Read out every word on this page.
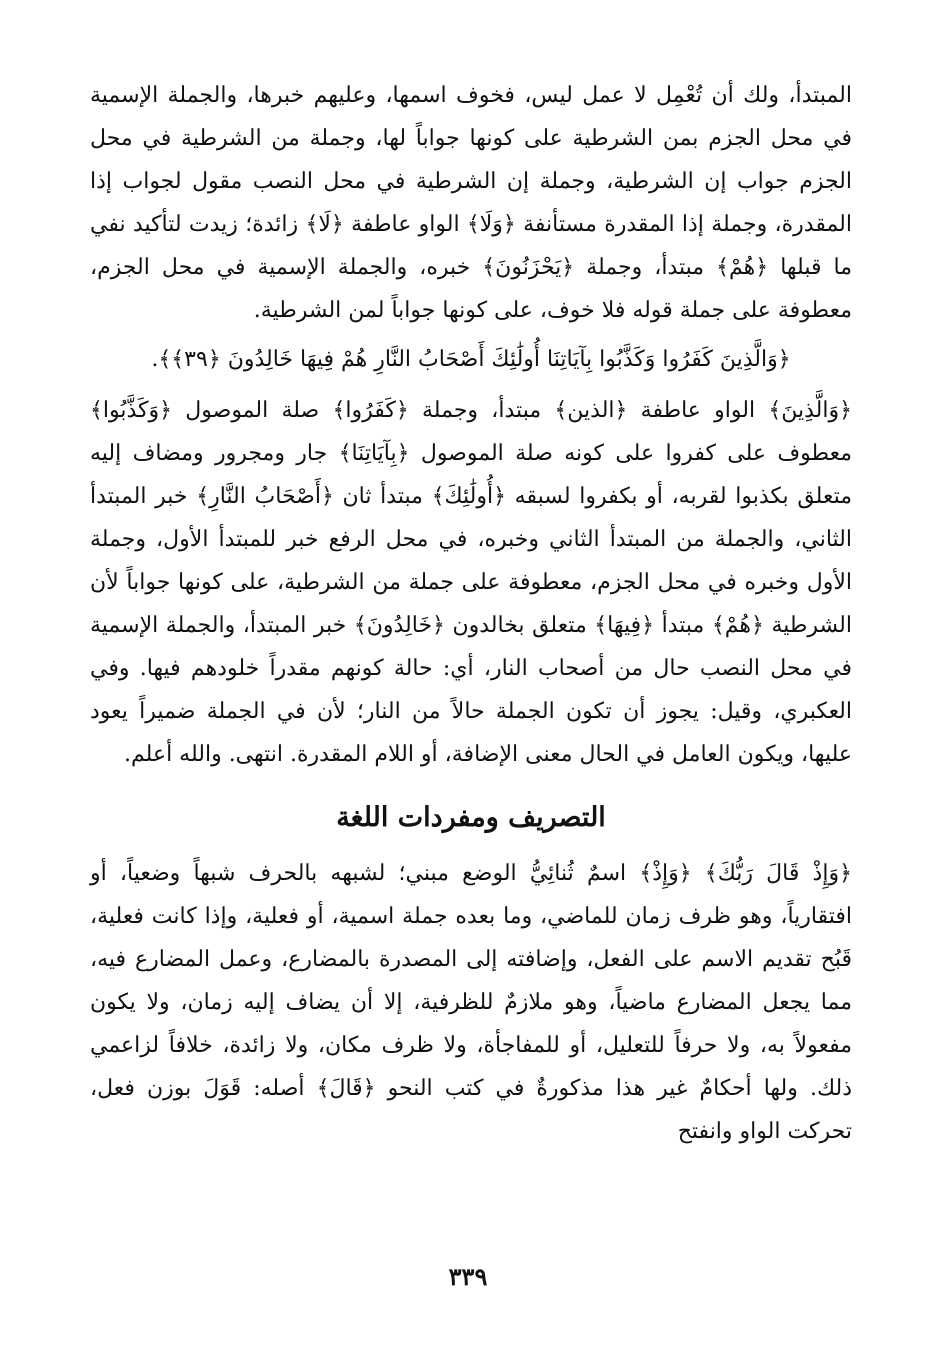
المبتدأ، ولك أن تُعْمِل لا عمل ليس، فخوف اسمها، وعليهم خبرها، والجملة الإسمية في محل الجزم بمن الشرطية على كونها جواباً لها، وجملة من الشرطية في محل الجزم جواب إن الشرطية، وجملة إن الشرطية في محل النصب مقول لجواب إذا المقدرة، وجملة إذا المقدرة مستأنفة ﴿وَلَا﴾ الواو عاطفة ﴿لَا﴾ زائدة؛ زيدت لتأكيد نفي ما قبلها ﴿هُمْ﴾ مبتدأ، وجملة ﴿يَحْزَنُونَ﴾ خبره، والجملة الإسمية في محل الجزم، معطوفة على جملة قوله فلا خوف، على كونها جواباً لمن الشرطية.

﴿وَالَّذِينَ كَفَرُوا وَكَذَّبُوا بِآيَاتِنَا أُولَٰئِكَ أَصْحَابُ النَّارِ هُمْ فِيهَا خَالِدُونَ ﴿٣٩﴾﴾.

﴿وَالَّذِينَ﴾ الواو عاطفة ﴿الذين﴾ مبتدأ، وجملة ﴿كَفَرُوا﴾ صلة الموصول ﴿وَكَذَّبُوا﴾ معطوف على كفروا على كونه صلة الموصول ﴿بِآيَاتِنَا﴾ جار ومجرور ومضاف إليه متعلق بكذبوا لقربه، أو بكفروا لسبقه ﴿أُولَٰئِكَ﴾ مبتدأ ثان ﴿أَصْحَابُ النَّارِ﴾ خبر المبتدأ الثاني، والجملة من المبتدأ الثاني وخبره، في محل الرفع خبر للمبتدأ الأول، وجملة الأول وخبره في محل الجزم، معطوفة على جملة من الشرطية، على كونها جواباً لأن الشرطية ﴿هُمْ﴾ مبتدأ ﴿فِيهَا﴾ متعلق بخالدون ﴿خَالِدُونَ﴾ خبر المبتدأ، والجملة الإسمية في محل النصب حال من أصحاب النار، أي: حالة كونهم مقدراً خلودهم فيها. وفي العكبري، وقيل: يجوز أن تكون الجملة حالاً من النار؛ لأن في الجملة ضميراً يعود عليها، ويكون العامل في الحال معنى الإضافة، أو اللام المقدرة. انتهى. والله أعلم.

التصريف ومفردات اللغة

﴿وَإِذْ قَالَ رَبُّكَ﴾ ﴿وَإِذْ﴾ اسمٌ ثُنائِيُّ الوضع مبني؛ لشبهه بالحرف شبهاً وضعياً، أو افتقارياً، وهو ظرف زمان للماضي، وما بعده جملة اسمية، أو فعلية، وإذا كانت فعلية، قَبُح تقديم الاسم على الفعل، وإضافته إلى المصدرة بالمضارع، وعمل المضارع فيه، مما يجعل المضارع ماضياً، وهو ملازمٌ للظرفية، إلا أن يضاف إليه زمان، ولا يكون مفعولاً به، ولا حرفاً للتعليل، أو للمفاجأة، ولا ظرف مكان، ولا زائدة، خلافاً لزاعمي ذلك. ولها أحكامٌ غير هذا مذكورةٌ في كتب النحو ﴿قَالَ﴾ أصله: قَوَلَ بوزن فعل، تحركت الواو وانفتح

٣٣٩
